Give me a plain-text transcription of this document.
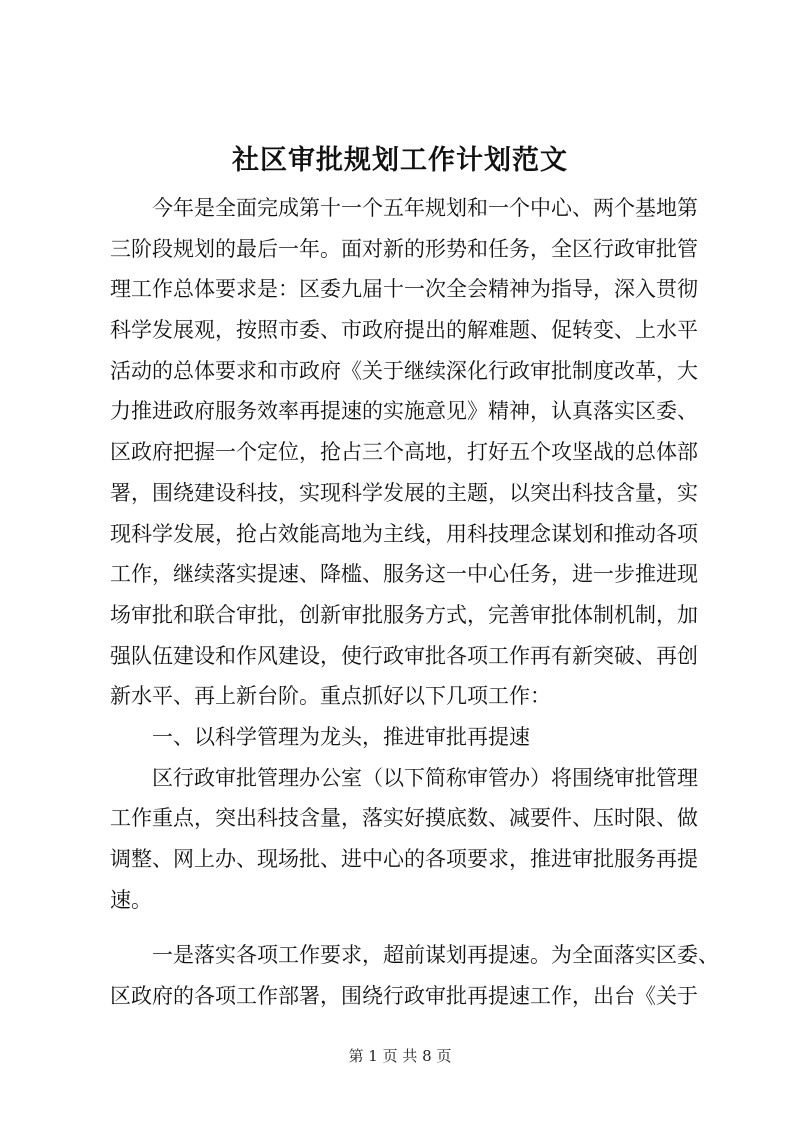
社区审批规划工作计划范文
今年是全面完成第十一个五年规划和一个中心、两个基地第
三阶段规划的最后一年。面对新的形势和任务，全区行政审批管
理工作总体要求是：区委九届十一次全会精神为指导，深入贯彻
科学发展观，按照市委、市政府提出的解难题、促转变、上水平
活动的总体要求和市政府《关于继续深化行政审批制度改革，大
力推进政府服务效率再提速的实施意见》精神，认真落实区委、
区政府把握一个定位，抢占三个高地，打好五个攻坚战的总体部
署，围绕建设科技，实现科学发展的主题，以突出科技含量，实
现科学发展，抢占效能高地为主线，用科技理念谋划和推动各项
工作，继续落实提速、降槛、服务这一中心任务，进一步推进现
场审批和联合审批，创新审批服务方式，完善审批体制机制，加
强队伍建设和作风建设，使行政审批各项工作再有新突破、再创
新水平、再上新台阶。重点抓好以下几项工作：
一、以科学管理为龙头，推进审批再提速
区行政审批管理办公室（以下简称审管办）将围绕审批管理
工作重点，突出科技含量，落实好摸底数、减要件、压时限、做
调整、网上办、现场批、进中心的各项要求，推进审批服务再提
速。
一是落实各项工作要求，超前谋划再提速。为全面落实区委、
区政府的各项工作部署，围绕行政审批再提速工作，出台《关于
第 1 页 共 8 页
